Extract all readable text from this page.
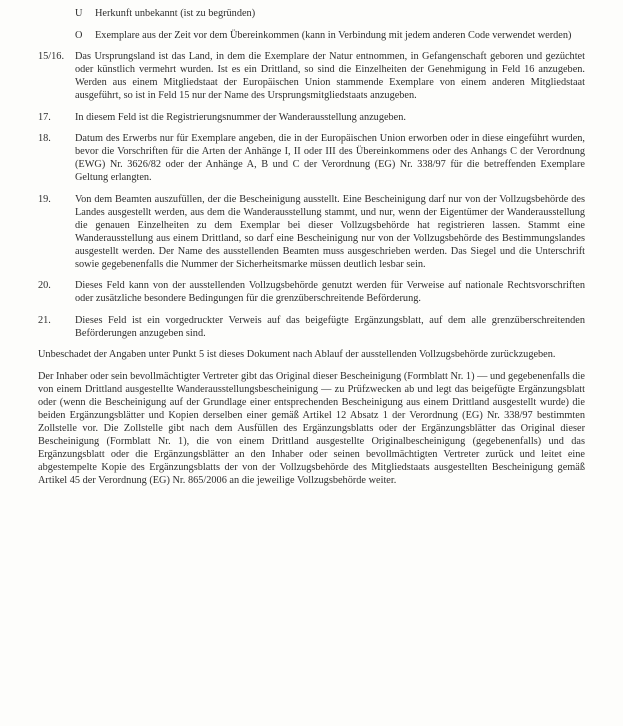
U	Herkunft unbekannt (ist zu begründen)
O	Exemplare aus der Zeit vor dem Übereinkommen (kann in Verbindung mit jedem anderen Code verwendet werden)
15/16.	Das Ursprungsland ist das Land, in dem die Exemplare der Natur entnommen, in Gefangenschaft geboren und gezüchtet oder künstlich vermehrt wurden. Ist es ein Drittland, so sind die Einzelheiten der Genehmigung in Feld 16 anzugeben. Werden aus einem Mitgliedstaat der Europäischen Union stammende Exemplare von einem anderen Mitgliedstaat ausgeführt, so ist in Feld 15 nur der Name des Ursprungsmitgliedstaats anzugeben.
17.	In diesem Feld ist die Registrierungsnummer der Wanderausstellung anzugeben.
18.	Datum des Erwerbs nur für Exemplare angeben, die in der Europäischen Union erworben oder in diese eingeführt wurden, bevor die Vorschriften für die Arten der Anhänge I, II oder III des Übereinkommens oder des Anhangs C der Verordnung (EWG) Nr. 3626/82 oder der Anhänge A, B und C der Verordnung (EG) Nr. 338/97 für die betreffenden Exemplare Geltung erlangten.
19.	Von dem Beamten auszufüllen, der die Bescheinigung ausstellt. Eine Bescheinigung darf nur von der Vollzugsbehörde des Landes ausgestellt werden, aus dem die Wanderausstellung stammt, und nur, wenn der Eigentümer der Wanderausstellung die genauen Einzelheiten zu dem Exemplar bei dieser Vollzugsbehörde hat registrieren lassen. Stammt eine Wanderausstellung aus einem Drittland, so darf eine Bescheinigung nur von der Vollzugsbehörde des Bestimmungslandes ausgestellt werden. Der Name des ausstellenden Beamten muss ausgeschrieben werden. Das Siegel und die Unterschrift sowie gegebenenfalls die Nummer der Sicherheitsmarke müssen deutlich lesbar sein.
20.	Dieses Feld kann von der ausstellenden Vollzugsbehörde genutzt werden für Verweise auf nationale Rechtsvorschriften oder zusätzliche besondere Bedingungen für die grenzüberschreitende Beförderung.
21.	Dieses Feld ist ein vorgedruckter Verweis auf das beigefügte Ergänzungsblatt, auf dem alle grenzüberschreitenden Beförderungen anzugeben sind.

Unbeschadet der Angaben unter Punkt 5 ist dieses Dokument nach Ablauf der ausstellenden Vollzugsbehörde zurückzugeben.

Der Inhaber oder sein bevollmächtigter Vertreter gibt das Original dieser Bescheinigung (Formblatt Nr. 1) — und gegebenenfalls die von einem Drittland ausgestellte Wanderausstellungsbescheinigung — zu Prüfzwecken ab und legt das beigefügte Ergänzungsblatt oder (wenn die Bescheinigung auf der Grundlage einer entsprechenden Bescheinigung aus einem Drittland ausgestellt wurde) die beiden Ergänzungsblätter und Kopien derselben einer gemäß Artikel 12 Absatz 1 der Verordnung (EG) Nr. 338/97 bestimmten Zollstelle vor. Die Zollstelle gibt nach dem Ausfüllen des Ergänzungsblatts oder der Ergänzungsblätter das Original dieser Bescheinigung (Formblatt Nr. 1), die von einem Drittland ausgestellte Originalbescheinigung (gegebenenfalls) und das Ergänzungsblatt oder die Ergänzungsblätter an den Inhaber oder seinen bevollmächtigten Vertreter zurück und leitet eine abgestempelte Kopie des Ergänzungsblatts der von der Vollzugsbehörde des Mitgliedstaats ausgestellten Bescheinigung gemäß Artikel 45 der Verordnung (EG) Nr. 865/2006 an die jeweilige Vollzugsbehörde weiter.
